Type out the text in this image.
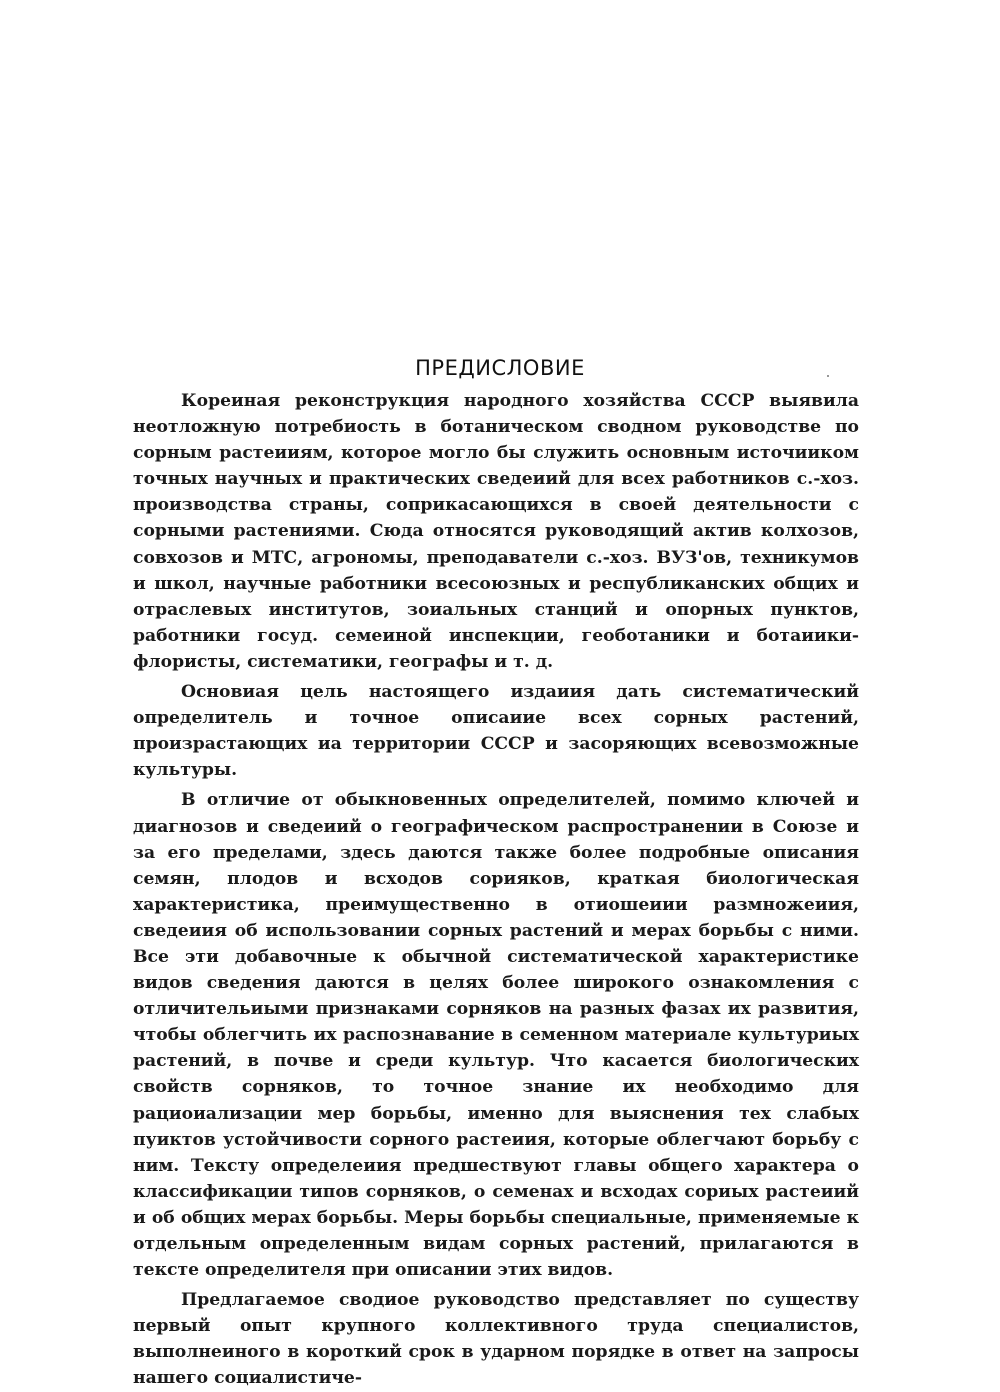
ПРЕДИСЛОВИЕ

Кореиная реконструкция народного хозяйства СССР выявила неотложную потребиость в ботаническом сводном руководстве по сорным растеииям, которое могло бы служить основным источииком точных научных и практических сведеиий для всех работников с.-хоз. производства страны, соприкасающихся в своей деятельности с сорными растениями. Сюда относятся руководящий актив колхозов, совхозов и МТС, агрономы, преподаватели с.-хоз. ВУЗ'ов, техникумов и школ, научные работники всесоюзных и республиканских общих и отраслевых институтов, зоиальных станций и опорных пунктов, работники госуд. семеиной инспекции, геоботаники и ботаиики-флористы, систематики, географы и т. д.

Основиая цель настоящего издаиия дать систематический определитель и точное описаиие всех сорных растений, произрастающих иа территории СССР и засоряющих всевозможные культуры.

В отличие от обыкновенных определителей, помимо ключей и диагнозов и сведеиий о географическом распространении в Союзе и за его пределами, здесь даются также более подробные описания семян, плодов и всходов сорияков, краткая биологическая характеристика, преимущественно в отиошеиии размножеиия, сведеиия об использовании сорных растений и мерах борьбы с ними. Все эти добавочные к обычной систематической характеристике видов сведения даются в целях более широкого ознакомления с отличительиыми признаками сорняков на разных фазах их развития, чтобы облегчить их распознавание в семенном материале культуриых растений, в почве и среди культур. Что касается биологических свойств сорняков, то точное знание их необходимо для рациоиализации мер борьбы, именно для выяснения тех слабых пуиктов устойчивости сорного растеиия, которые облегчают борьбу с ним. Тексту определеиия предшествуют главы общего характера о классификации типов сорняков, о семенах и всходах сориых растеиий и об общих мерах борьбы. Меры борьбы специальные, применяемые к отдельным определенным видам сорных растений, прилагаются в тексте определителя при описании этих видов.

Предлагаемое сводиое руководство представляет по существу первый опыт крупного коллективного труда специалистов, выполнеиного в короткий срок в ударном порядке в ответ на запросы нашего социалистиче-
